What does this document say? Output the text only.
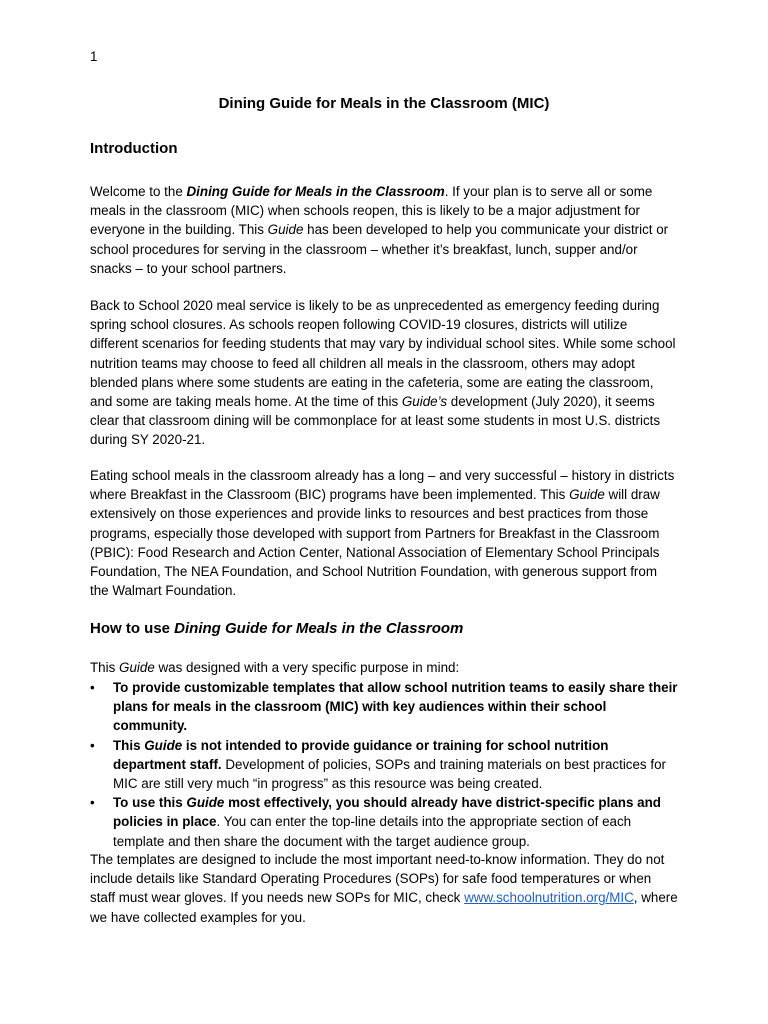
1
Dining Guide for Meals in the Classroom (MIC)
Introduction

Welcome to the Dining Guide for Meals in the Classroom. If your plan is to serve all or some meals in the classroom (MIC) when schools reopen, this is likely to be a major adjustment for everyone in the building. This Guide has been developed to help you communicate your district or school procedures for serving in the classroom – whether it’s breakfast, lunch, supper and/or snacks – to your school partners.

Back to School 2020 meal service is likely to be as unprecedented as emergency feeding during spring school closures. As schools reopen following COVID-19 closures, districts will utilize different scenarios for feeding students that may vary by individual school sites. While some school nutrition teams may choose to feed all children all meals in the classroom, others may adopt blended plans where some students are eating in the cafeteria, some are eating the classroom, and some are taking meals home. At the time of this Guide’s development (July 2020), it seems clear that classroom dining will be commonplace for at least some students in most U.S. districts during SY 2020-21.

Eating school meals in the classroom already has a long – and very successful – history in districts where Breakfast in the Classroom (BIC) programs have been implemented. This Guide will draw extensively on those experiences and provide links to resources and best practices from those programs, especially those developed with support from Partners for Breakfast in the Classroom (PBIC): Food Research and Action Center, National Association of Elementary School Principals Foundation, The NEA Foundation, and School Nutrition Foundation, with generous support from the Walmart Foundation.

How to use Dining Guide for Meals in the Classroom

This Guide was designed with a very specific purpose in mind:

• To provide customizable templates that allow school nutrition teams to easily share their plans for meals in the classroom (MIC) with key audiences within their school community.
• This Guide is not intended to provide guidance or training for school nutrition department staff. Development of policies, SOPs and training materials on best practices for MIC are still very much “in progress” as this resource was being created.
• To use this Guide most effectively, you should already have district-specific plans and policies in place. You can enter the top-line details into the appropriate section of each template and then share the document with the target audience group.

The templates are designed to include the most important need-to-know information. They do not include details like Standard Operating Procedures (SOPs) for safe food temperatures or when staff must wear gloves. If you needs new SOPs for MIC, check www.schoolnutrition.org/MIC, where we have collected examples for you.
